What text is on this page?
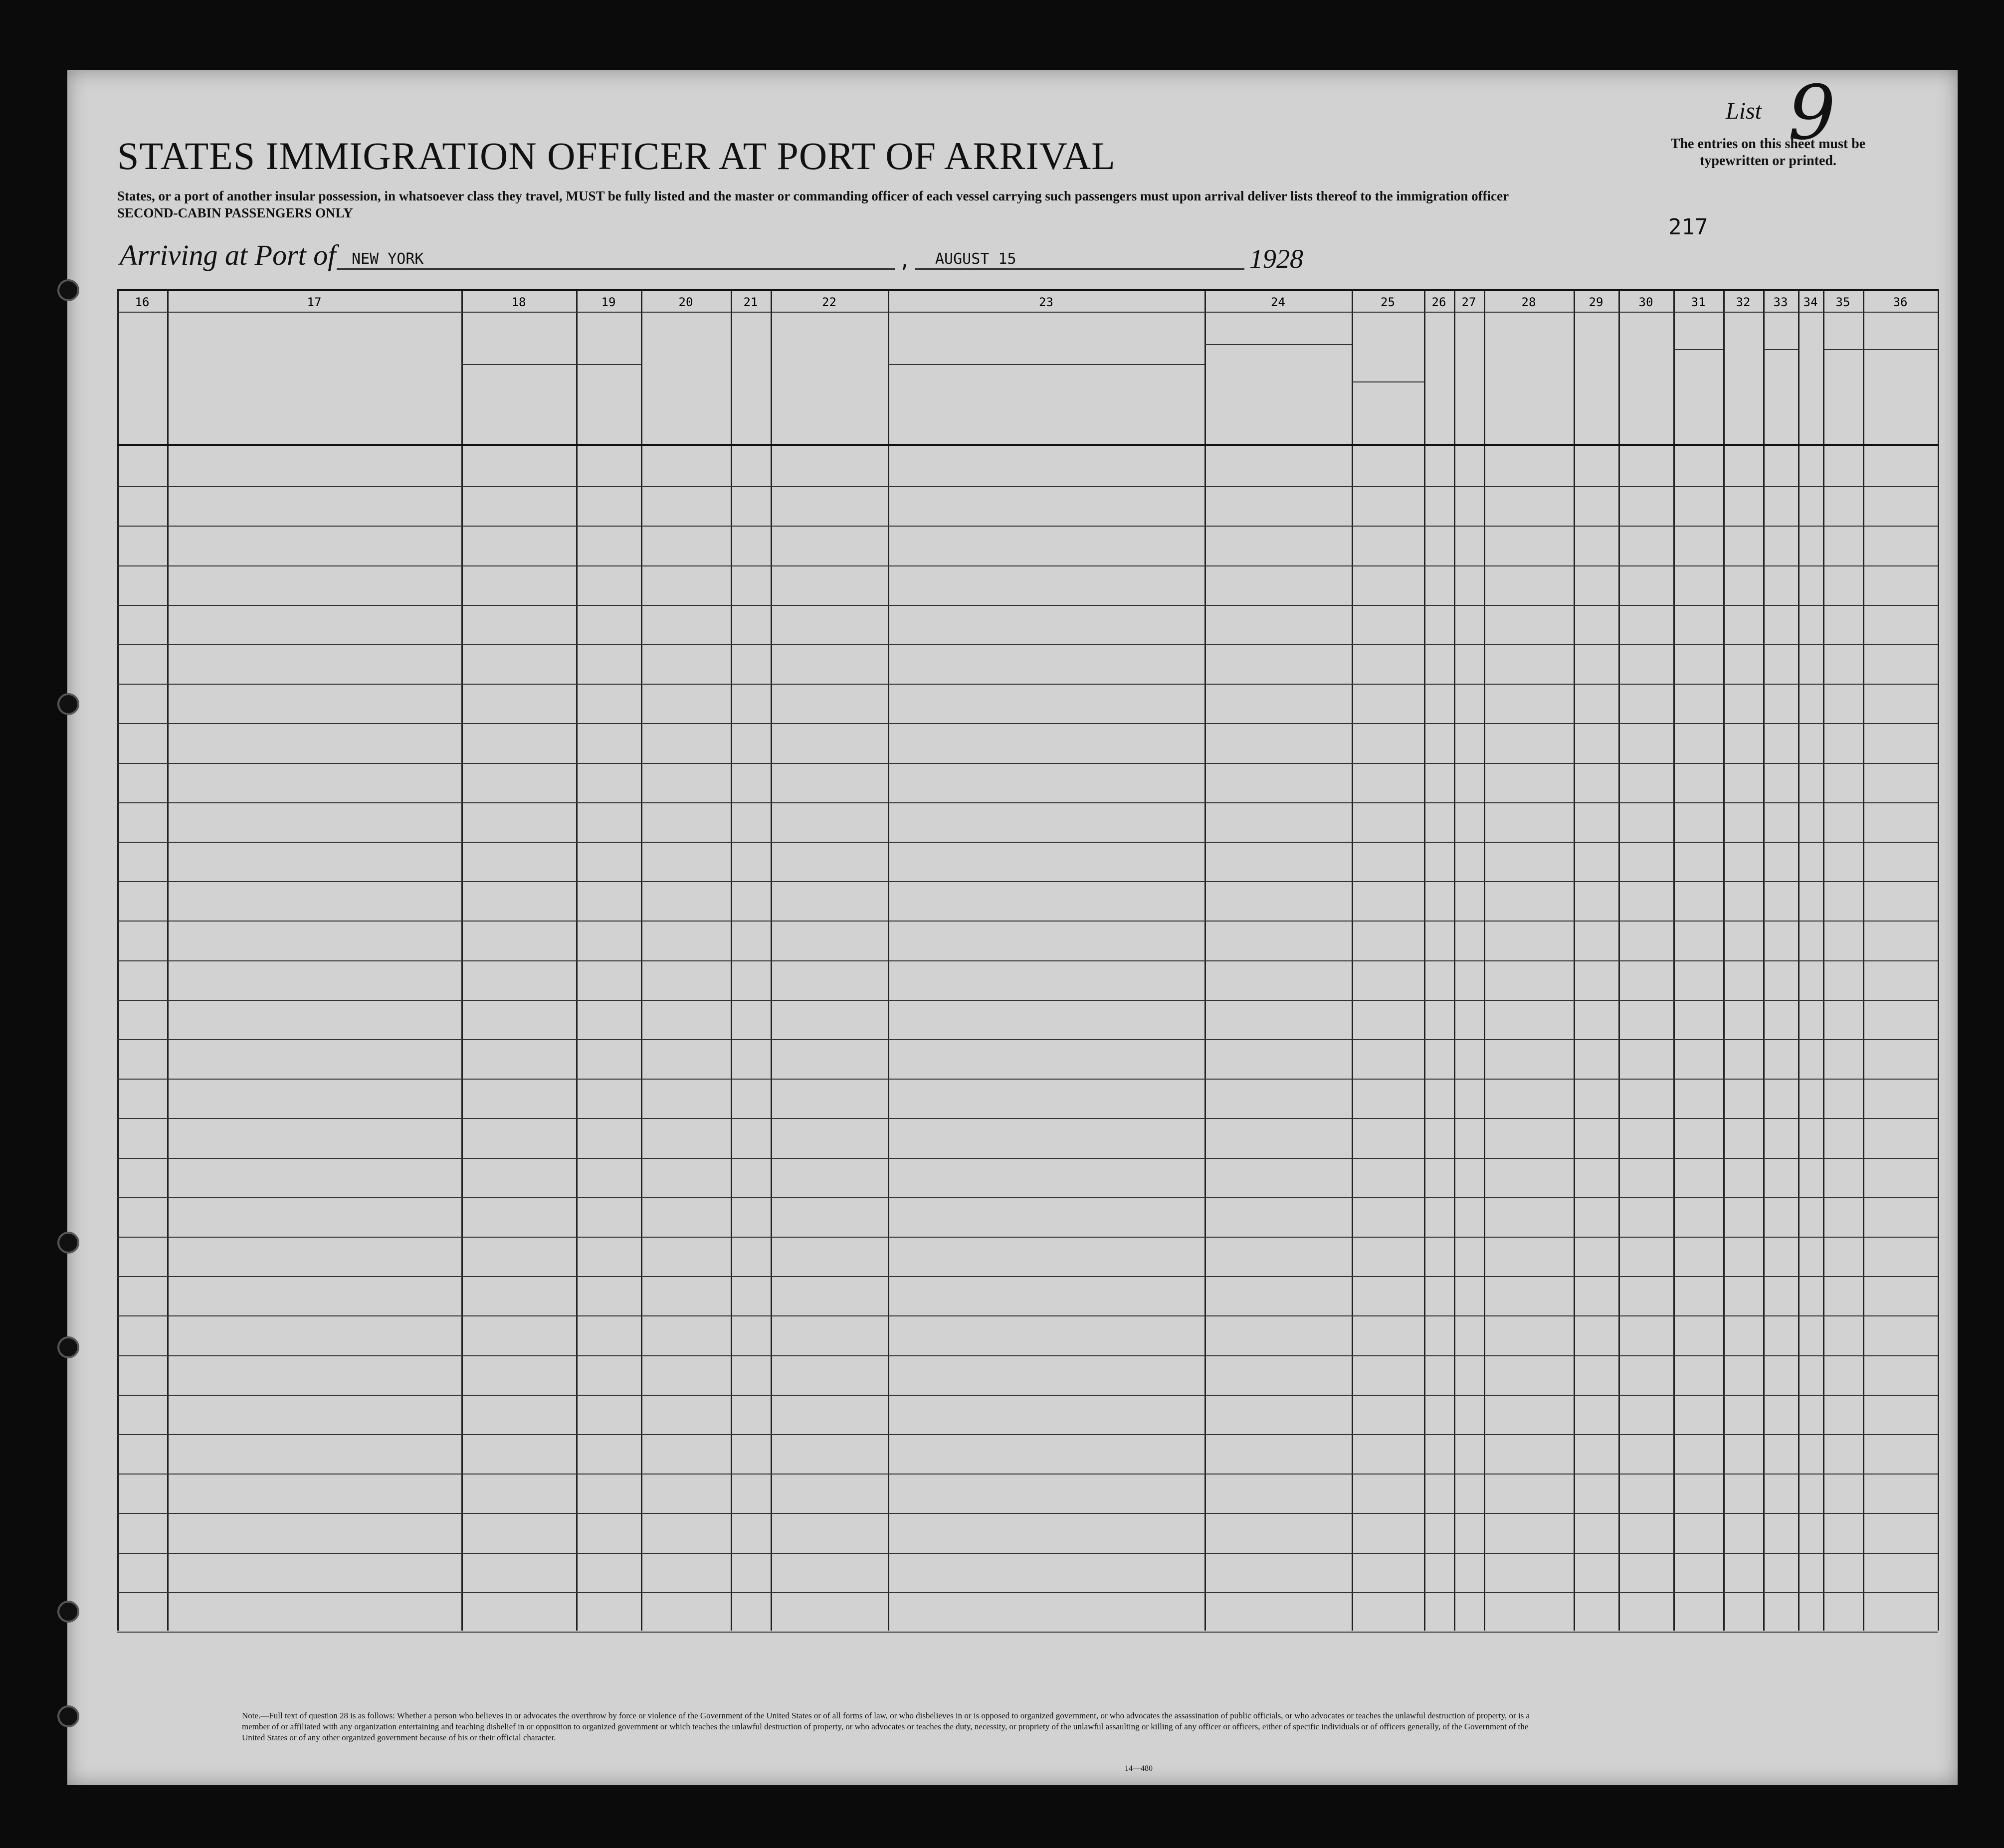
STATES IMMIGRATION OFFICER AT PORT OF ARRIVAL
States, or a port of another insular possession, in whatsoever class they travel, MUST be fully listed and the master or commanding officer of each vessel carrying such passengers must upon arrival deliver lists thereof to the immigration officer
SECOND-CABIN PASSENGERS ONLY
Arriving at Port of NEW YORK	, AUGUST 15	1928
List 9
The entries on this sheet must be typewritten or printed.
217
16	17	18	19	20	21	22	23	24	25	26	27	28	29	30	31	32	33	34	35	36
Note.—Full text of question 28 is as follows: Whether a person who believes in or advocates the overthrow by force or violence of the Government of the United States or of all forms of law, or who disbelieves in or is opposed to organized government, or who advocates the assassination of public officials, or who advocates or teaches the unlawful destruction of property, or is a member of or affiliated with any organization entertaining and teaching disbelief in or opposition to organized government or which teaches the unlawful destruction of property, or who advocates or teaches the duty, necessity, or propriety of the unlawful assaulting or killing of any officer or officers, either of specific individuals or of officers generally, of the Government of the United States or of any other organized government because of his or their official character.
14—480
